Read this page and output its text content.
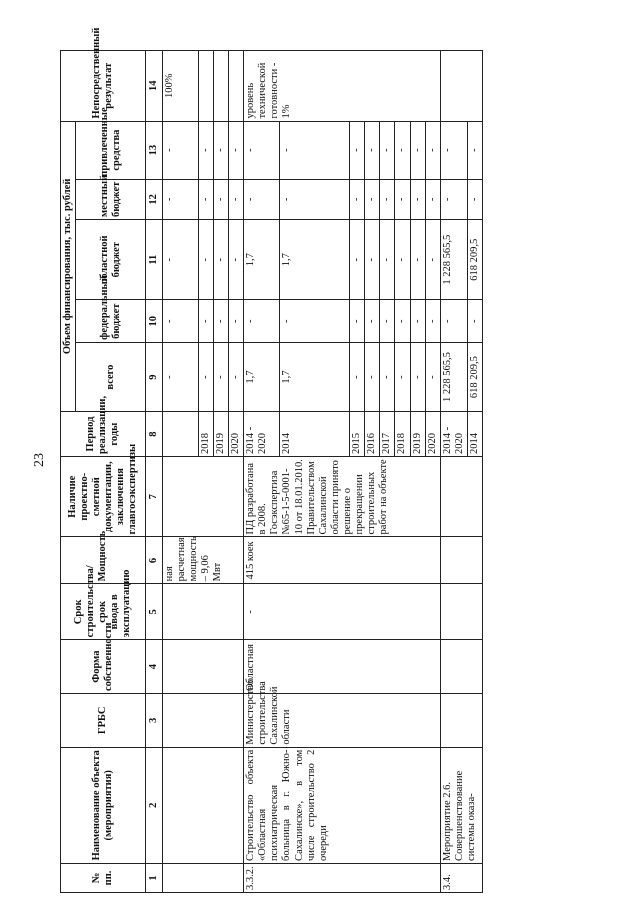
№ пп.	Наименование объекта (мероприятия)	ГРБС	Форма собственности	Срок строительства/срок ввода в эксплуатацию	Мощность	Наличие проектно-сметной документации, заключения главгосэкспертизы	Период реализации, годы	Объем финансирования, тыс. рублей					Непосредственный результат
								всего	федеральный бюджет	областной бюджет	местный бюджет	привлеченные средства	
1	2	3	4	5	6	7	8	9	10	11	12	13	14
					ная расчетная мощность – 9,06 Мвт			-	-	-	-	-	100%
							2018	-	-	-	-	-	
							2019	-	-	-	-	-	
							2020	-	-	-	-	-	
3.3.2.	Строительство объекта «Областная психиатрическая больница в г. Южно-Сахалинске», в том числе строительство 2 очереди	Министерство строительства Сахалинской области	Областная	-	415 коек	ПД разработана в 2008. Госэкспертиза №65-1-5-0001-10 от 18.01.2010. Правительством Сахалинской области принято решение о прекращении строительных работ на объекте	2014 - 2020	1,7	-	1,7	-	-	уровень технической готовности - 1%
							2014	1,7	-	1,7	-	-	
							2015	-	-	-	-	-	
							2016	-	-	-	-	-	
							2017	-	-	-	-	-	
							2018	-	-	-	-	-	
							2019	-	-	-	-	-	
							2020	-	-	-	-	-	
3.4.	Мероприятие 2.6. Совершенствование системы оказа-						2014 - 2020	1 228 565,5	-	1 228 565,5	-	-	
							2014	618 209,5	-	618 209,5	-	-	
23
